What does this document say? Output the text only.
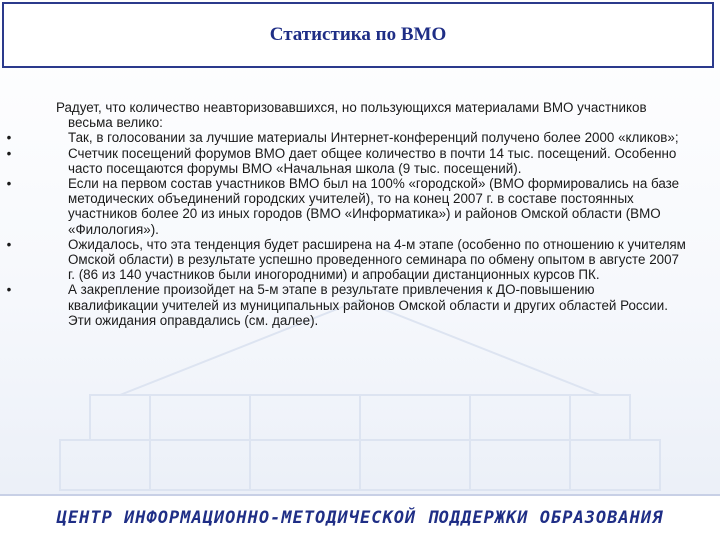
Статистика по ВМО

Радует, что количество неавторизовавшихся, но пользующихся материалами ВМО участников весьма велико:

•	Так, в голосовании за лучшие материалы Интернет-конференций получено более 2000 «кликов»;
•	Счетчик посещений форумов ВМО дает общее количество в почти 14 тыс. посещений. Особенно часто посещаются форумы ВМО «Начальная школа (9 тыс. посещений).
•	Если на первом состав участников ВМО был на 100% «городской» (ВМО формировались на базе методических объединений городских учителей), то на конец 2007 г. в составе постоянных участников более 20 из иных городов (ВМО «Информатика») и районов Омской области (ВМО «Филология»).
•	Ожидалось, что эта тенденция будет расширена на 4-м этапе (особенно по отношению к учителям Омской области) в результате успешно проведенного семинара по обмену опытом в августе 2007 г. (86 из 140 участников были иногородними) и апробации дистанционных курсов ПК.
•	А закрепление произойдет на 5-м этапе в результате привлечения к ДО-повышению квалификации учителей из муниципальных районов Омской области и других областей России. Эти ожидания оправдались (см. далее).
ЦЕНТР ИНФОРМАЦИОННО-МЕТОДИЧЕСКОЙ ПОДДЕРЖКИ ОБРАЗОВАНИЯ
